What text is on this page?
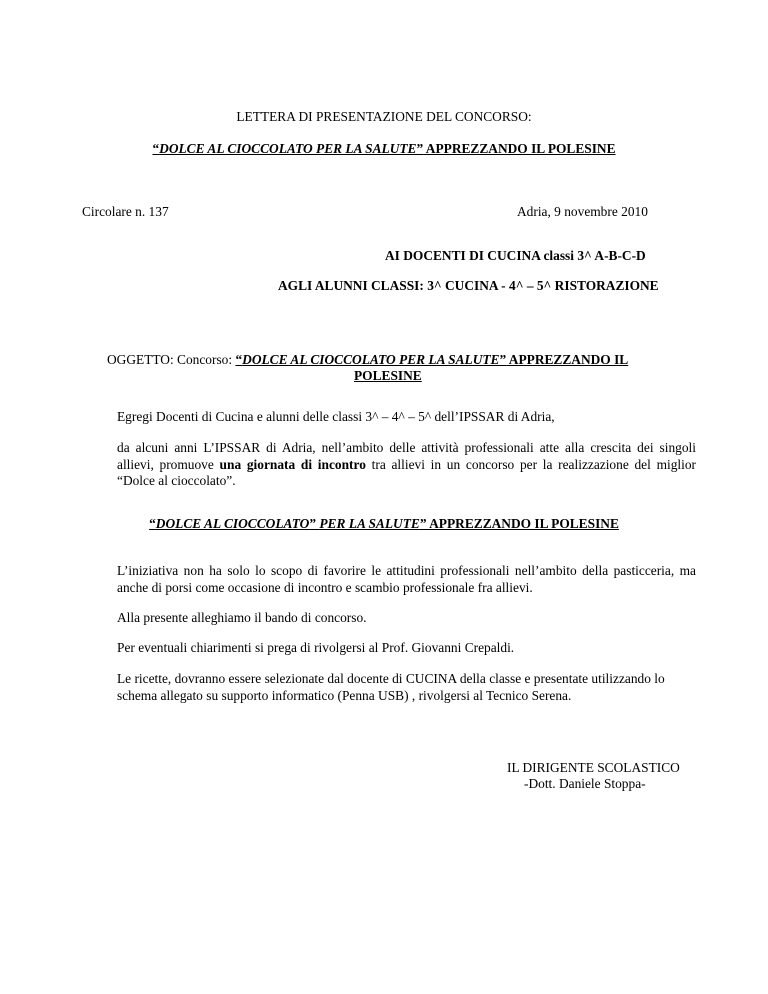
LETTERA DI PRESENTAZIONE DEL CONCORSO:
“DOLCE AL CIOCCOLATO PER LA SALUTE” APPREZZANDO IL POLESINE
Circolare n. 137	Adria, 9 novembre 2010
AI DOCENTI DI CUCINA classi 3^ A-B-C-D
AGLI ALUNNI CLASSI: 3^ CUCINA - 4^ – 5^ RISTORAZIONE
OGGETTO: Concorso: “DOLCE AL CIOCCOLATO PER LA SALUTE” APPREZZANDO IL
POLESINE
Egregi Docenti di Cucina e alunni delle classi 3^ – 4^ – 5^ dell’IPSSAR di Adria,
da alcuni anni L’IPSSAR di Adria, nell’ambito delle attività professionali atte alla crescita dei singoli allievi, promuove una giornata di incontro tra allievi in un concorso per la realizzazione del miglior “Dolce al cioccolato”.
“DOLCE AL CIOCCOLATO” PER LA SALUTE” APPREZZANDO IL POLESINE
L’iniziativa non ha solo lo scopo di favorire le attitudini professionali nell’ambito della pasticceria, ma anche di porsi come occasione di incontro e scambio professionale fra allievi.
Alla presente alleghiamo il bando di concorso.
Per eventuali chiarimenti si prega di rivolgersi al Prof. Giovanni Crepaldi.
Le ricette, dovranno essere selezionate dal docente di CUCINA della classe e presentate utilizzando lo
schema allegato su supporto informatico (Penna USB) , rivolgersi al Tecnico Serena.
IL DIRIGENTE SCOLASTICO
-Dott. Daniele Stoppa-
